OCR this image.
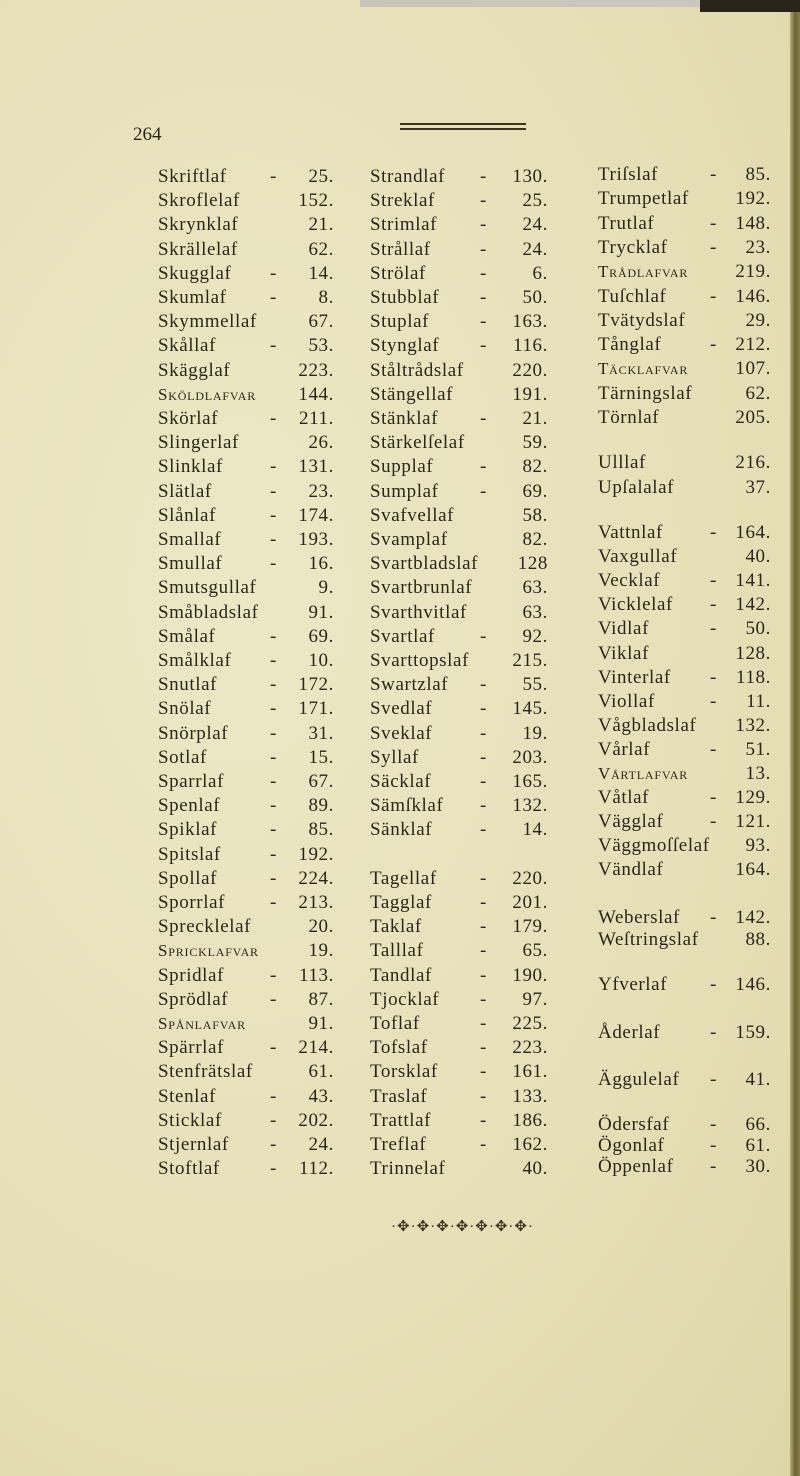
264
Skriftlaf - 25.
Skroflelaf	152.
Skrynklaf	21.
Skrällelaf	62.
Skugglaf - 14.
Skumlaf - 8.
Skymmellaf	67.
Skållaf	- 53.
Skägglaf	223.
Sköldlafvar 144.
Skörlaf	- 211.
Slingerlaf	26.
Slinklaf - 131.
Slätlaf	- 23.
Slånlaf	- 174.
Smallaf	- 193.
Smullaf	- 16.
Smutsgullaf	9.
Småbladslaf	91.
Smålaf	- 69.
Smålklaf - 10.
Snutlaf	- 172.
Snölaf	- 171.
Snörplaf - 31.
Sotlaf	- 15.
Sparrlaf - 67.
Spenlaf	- 89.
Spiklaf	- 85.
Spitslaf	- 192.
Spollaf	- 224.
Sporrlaf - 213.
Sprecklelaf	20.
Spricklafvar	19.
Spridlaf - 113.
Sprödlaf - 87.
Spånlafvar	91.
Spärrlaf - 214.
Stenfrätslaf	61.
Stenlaf	- 43.
Sticklaf	- 202.
Stjernlaf - 24.
Stoftlaf	- 112.
Strandlaf - 130.
Streklaf - 25.
Strimlaf - 24.
Strållaf	- 24.
Strölaf	- 6.
Stubblaf - 50.
Stuplaf	- 163.
Stynglaf - 116.
Ståltrådslaf	220.
Stängellaf	191.
Stänklaf - 21.
Stärkelſelaf	59.
Supplaf - 82.
Sumplaf - 69.
Svafvellaf	58.
Svamplaf	82.
Svartbladslaf 128
Svartbrunlaf	63.
Svarthvitlaf	63.
Svartlaf - 92.
Svarttopslaf 215.
Swartzlaf - 55.
Svedlaf	- 145.
Sveklaf	- 19.
Syllaf	- 203.
Säcklaf	- 165.
Sämſklaf - 132.
Sänklaf	- 14.
Tagellaf - 220.
Tagglaf	- 201.
Taklaf	- 179.
Talllaf	- 65.
Tandlaf	- 190.
Tjocklaf - 97.
Toflaf	- 225.
Tofslaf	- 223.
Torsklaf - 161.
Traslaf	- 133.
Trattlaf	- 186.
Treflaf	- 162.
Trinnelaf	40.
Triſslaf	- 85.
Trumpetlaf 192.
Trutlaf	- 148.
Trycklaf - 23.
Trådlafvar 219.
Tuſchlaf - 146.
Tvätydslaf	29.
Tånglaf	- 212.
Täcklafvar 107.
Tärningslaf	62.
Törnlaf	205.
Ulllaf	216.
Upſalalaf	37.
Vattnlaf - 164.
Vaxgullaf	40.
Vecklaf	- 141.
Vicklelaf - 142.
Vidlaf	- 50.
Viklaf	128.
Vinterlaf - 118.
Viollaf	- 11.
Vågbladslaf 132.
Vårlaf	- 51.
Vårtlafvar	13.
Våtlaf	- 129.
Vägglaf - 121.
Väggmoſſelaf 93.
Vändlaf	164.
Weberslaf - 142.
Weſtringslaf 88.
Yfverlaf - 146.
Åderlaf	- 159.
Äggulelaf - 41.
Ödersfaf - 66.
Ögonlaf - 61.
Öppenlaf - 30.
·✥·✥·✥·✥·✥·✥·✥·
